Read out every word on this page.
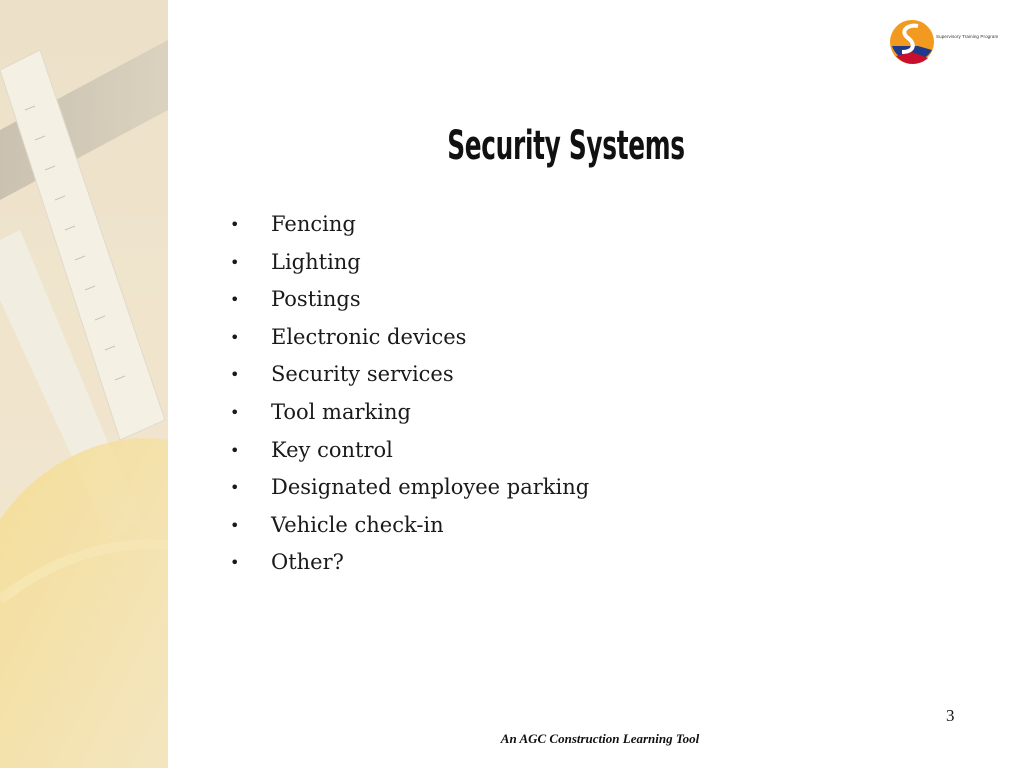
Supervisory Training Program
Security Systems
• Fencing
• Lighting
• Postings
• Electronic devices
• Security services
• Tool marking
• Key control
• Designated employee parking
• Vehicle check-in
• Other?
3
An AGC Construction Learning Tool
